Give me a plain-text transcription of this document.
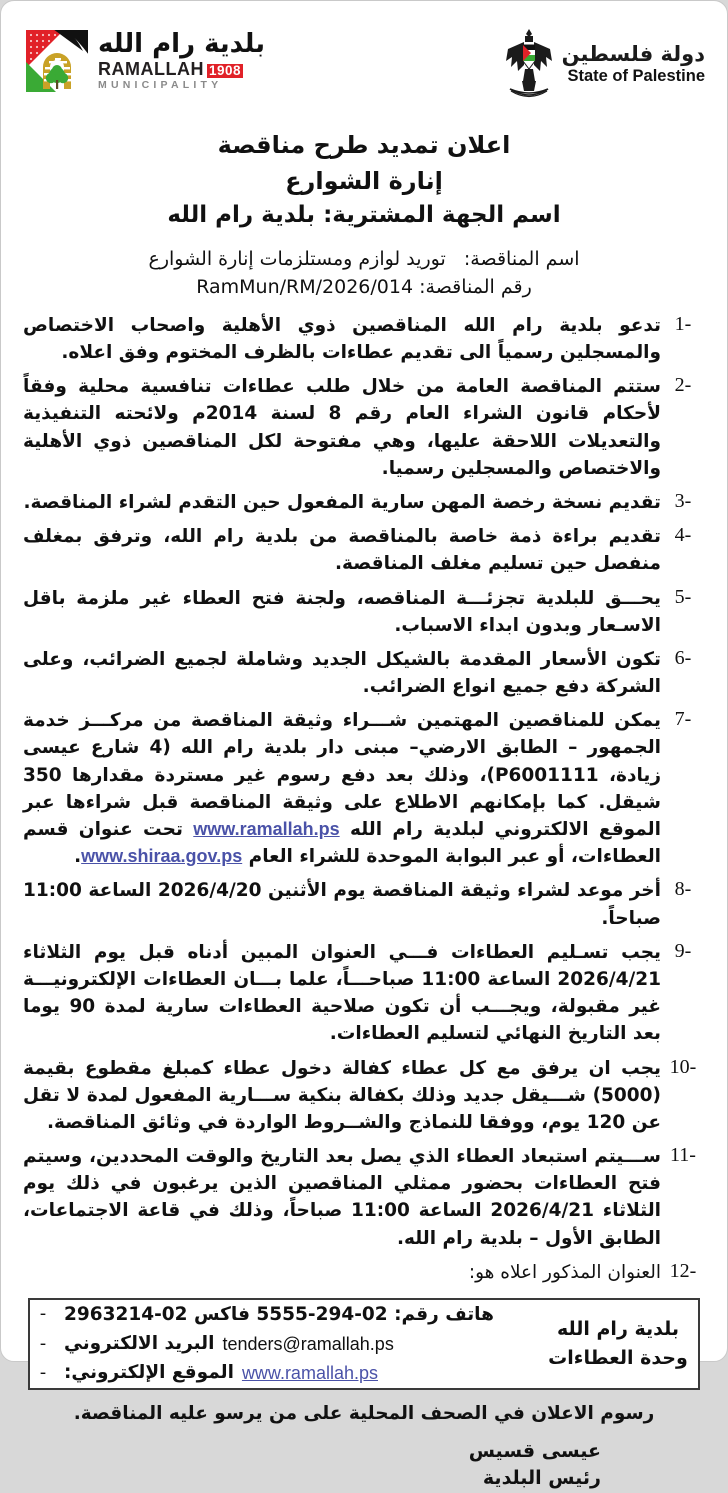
دولة فلسطين
State of Palestine
بلدية رام الله
RAMALLAH 1908
MUNICIPALITY
اعلان تمديد طرح مناقصة
إنارة الشوارع
اسم الجهة المشترية: بلدية رام الله
اسم المناقصة:   توريد لوازم ومستلزمات إنارة الشوارع
رقم المناقصة: RamMun/RM/2026/014
1-
تدعو بلدية رام الله المناقصين ذوي الأهلية واصحاب الاختصاص والمسجلين رسمياً الى تقديم عطاءات بالظرف المختوم وفق اعلاه.
2-
ستتم المناقصة العامة من خلال طلب عطاءات تنافسية محلية وفقاً لأحكام قانون الشراء العام رقم 8 لسنة 2014م ولائحته التنفيذية والتعديلات اللاحقة عليها، وهي مفتوحة لكل المناقصين ذوي الأهلية والاختصاص والمسجلين رسميا.
3-
تقديم نسخة رخصة المهن سارية المفعول حين التقدم لشراء المناقصة.
4-
تقديم براءة ذمة خاصة بالمناقصة من بلدية رام الله، وترفق بمغلف منفصل حين تسليم مغلف المناقصة.
5-
يحـــق للبلدية تجزئـــة المناقصه، ولجنة فتح العطاء غير ملزمة باقل الاسـعار وبدون ابداء الاسباب.
6-
تكون الأسعار المقدمة بالشيكل الجديد وشاملة لجميع الضرائب، وعلى الشركة دفع جميع انواع الضرائب.
7-
يمكن للمناقصين المهتمين شـــراء وثيقة المناقصة من مركـــز خدمة الجمهور – الطابق الارضي– مبنى دار بلدية رام الله (4 شارع عيسى زيادة، P6001111)، وذلك بعد دفع رسوم غير مستردة مقدارها 350 شيقل. كما بإمكانهم الاطلاع على وثيقة المناقصة قبل شراءها عبر الموقع الالكتروني لبلدية رام الله www.ramallah.ps تحت عنوان قسم العطاءات، أو عبر البوابة الموحدة للشراء العام www.shiraa.gov.ps.
8-
أخر موعد لشراء وثيقة المناقصة يوم الأثنين 2026/4/20 الساعة 11:00 صباحاً.
9-
يجب تسـليم العطاءات فـــي العنوان المبين أدناه قبل يوم الثلاثاء 2026/4/21 الساعة 11:00 صباحـــاً، علما بـــان العطاءات الإلكترونيـــة غير مقبولة، ويجـــب أن تكون صلاحية العطاءات سارية لمدة 90 يوما بعد التاريخ النهائي لتسليم العطاءات.
10-
يجب ان يرفق مع كل عطاء كفالة دخول عطاء كمبلغ مقطوع بقيمة (5000) شـــيقل جديد وذلك بكفالة بنكية ســـارية المفعول لمدة لا تقل عن 120 يوم، ووفقا للنماذج والشــروط الواردة في وثائق المناقصة.
11-
ســـيتم استبعاد العطاء الذي يصل بعد التاريخ والوقت المحددين، وسيتم فتح العطاءات بحضور ممثلي المناقصين الذين يرغبون في ذلك يوم الثلاثاء 2026/4/21 الساعة 11:00 صباحاً، وذلك في قاعة الاجتماعات، الطابق الأول – بلدية رام الله.
12-
العنوان المذكور اعلاه هو:
بلدية رام الله
وحدة العطاءات

هاتف رقم: 02-294-5555 فاكس 02-2963214
-
tenders@ramallah.ps
البريد الالكتروني
-
www.ramallah.ps
الموقع الإلكتروني:
-
رسوم الاعلان في الصحف المحلية على من يرسو عليه المناقصة.
عيسى قسيس
رئيس البلدية
